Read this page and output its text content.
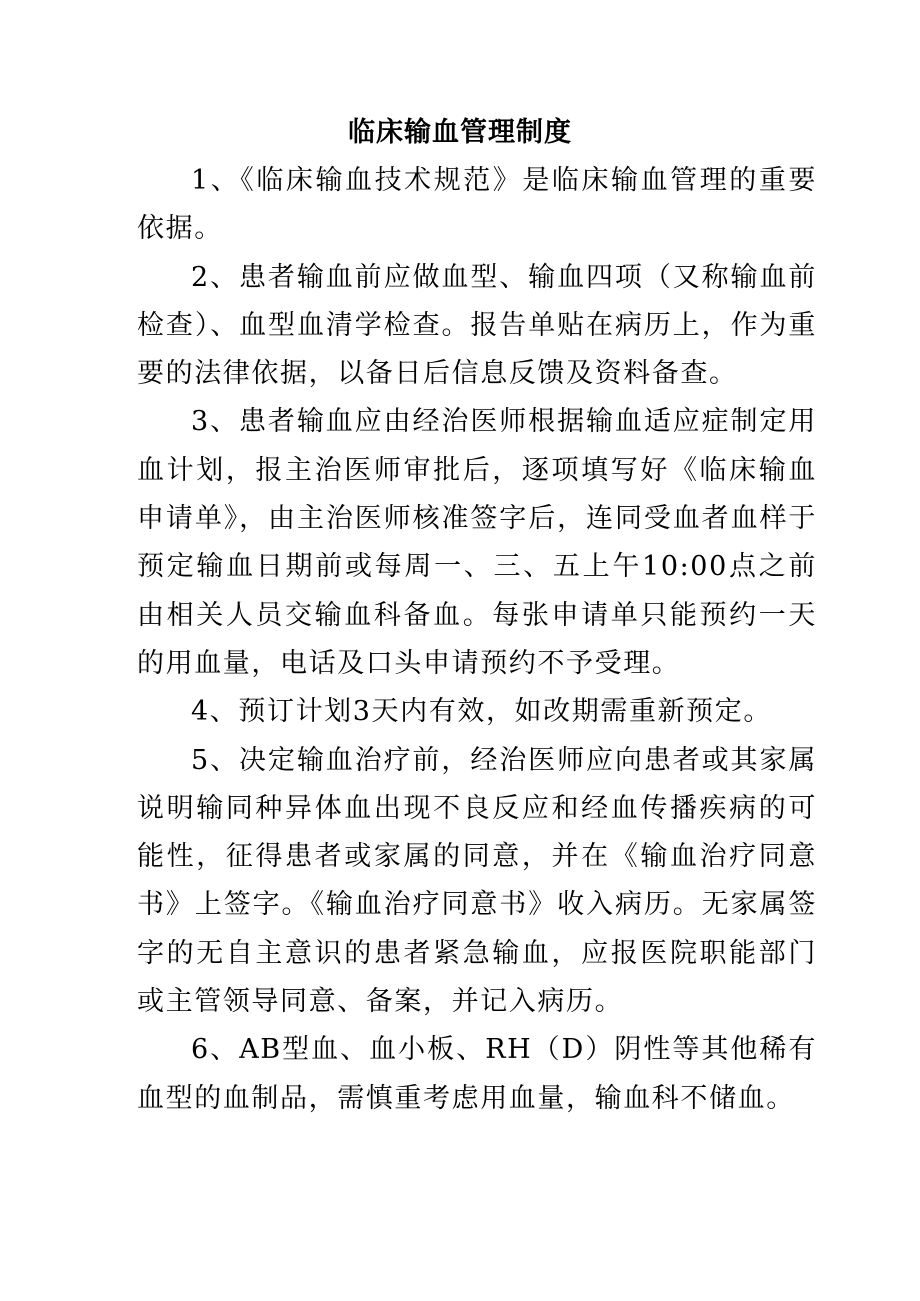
临床输血管理制度

1、《临床输血技术规范》是临床输血管理的重要依据。

2、患者输血前应做血型、输血四项（又称输血前检查）、血型血清学检查。报告单贴在病历上，作为重要的法律依据，以备日后信息反馈及资料备查。

3、患者输血应由经治医师根据输血适应症制定用血计划，报主治医师审批后，逐项填写好《临床输血申请单》，由主治医师核准签字后，连同受血者血样于预定输血日期前或每周一、三、五上午10:00点之前由相关人员交输血科备血。每张申请单只能预约一天的用血量，电话及口头申请预约不予受理。

4、预订计划3天内有效，如改期需重新预定。

5、决定输血治疗前，经治医师应向患者或其家属说明输同种异体血出现不良反应和经血传播疾病的可能性，征得患者或家属的同意，并在《输血治疗同意书》上签字。《输血治疗同意书》收入病历。无家属签字的无自主意识的患者紧急输血，应报医院职能部门或主管领导同意、备案，并记入病历。

6、AB型血、血小板、RH（D）阴性等其他稀有血型的血制品，需慎重考虑用血量，输血科不储血。
